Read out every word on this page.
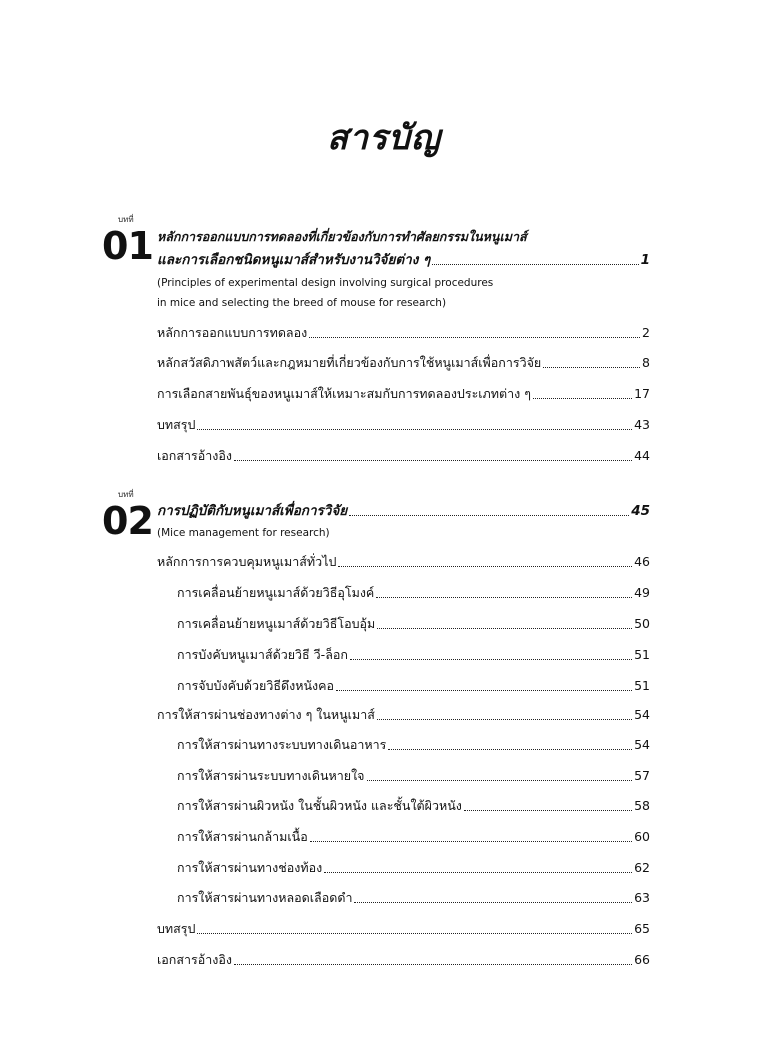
สารบัญ
บทที่
01 หลักการออกแบบการทดลองที่เกี่ยวข้องกับการทำศัลยกรรมในหนูเมาส์
และการเลือกชนิดหนูเมาส์สำหรับงานวิจัยต่าง ๆ	1
(Principles of experimental design involving surgical procedures
in mice and selecting the breed of mouse for research)
หลักการออกแบบการทดลอง	2
หลักสวัสดิภาพสัตว์และกฎหมายที่เกี่ยวข้องกับการใช้หนูเมาส์เพื่อการวิจัย	8
การเลือกสายพันธุ์ของหนูเมาส์ให้เหมาะสมกับการทดลองประเภทต่าง ๆ	17
บทสรุป	43
เอกสารอ้างอิง	44
บทที่
02 การปฏิบัติกับหนูเมาส์เพื่อการวิจัย	45
(Mice management for research)
หลักการการควบคุมหนูเมาส์ทั่วไป	46
การเคลื่อนย้ายหนูเมาส์ด้วยวิธีอุโมงค์	49
การเคลื่อนย้ายหนูเมาส์ด้วยวิธีโอบอุ้ม	50
การบังคับหนูเมาส์ด้วยวิธี วี-ล็อก	51
การจับบังคับด้วยวิธีดึงหนังคอ	51
การให้สารผ่านช่องทางต่าง ๆ ในหนูเมาส์	54
การให้สารผ่านทางระบบทางเดินอาหาร	54
การให้สารผ่านระบบทางเดินหายใจ	57
การให้สารผ่านผิวหนัง ในชั้นผิวหนัง และชั้นใต้ผิวหนัง	58
การให้สารผ่านกล้ามเนื้อ	60
การให้สารผ่านทางช่องท้อง	62
การให้สารผ่านทางหลอดเลือดดำ	63
บทสรุป	65
เอกสารอ้างอิง	66
